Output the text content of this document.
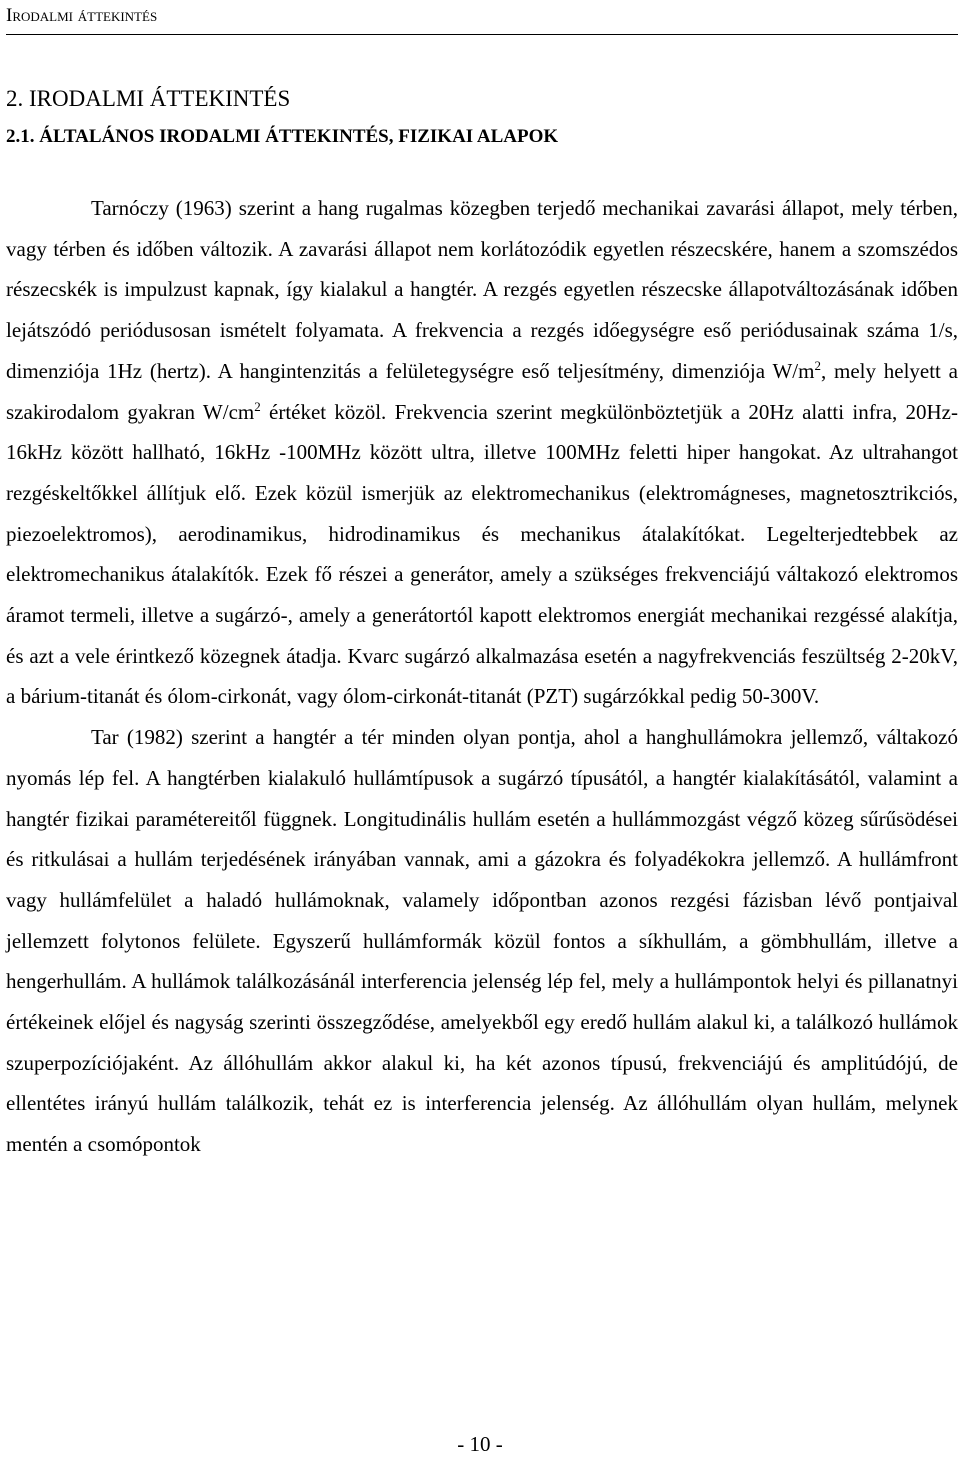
Irodalmi áttekintés
2. IRODALMI ÁTTEKINTÉS
2.1. ÁLTALÁNOS IRODALMI ÁTTEKINTÉS, FIZIKAI ALAPOK

Tarnóczy (1963) szerint a hang rugalmas közegben terjedő mechanikai zavarási állapot, mely térben, vagy térben és időben változik. A zavarási állapot nem korlátozódik egyetlen részecskére, hanem a szomszédos részecskék is impulzust kapnak, így kialakul a hangtér. A rezgés egyetlen részecske állapotváltozásának időben lejátszódó periódusosan ismételt folyamata. A frekvencia a rezgés időegységre eső periódusainak száma 1/s, dimenziója 1Hz (hertz). A hangintenzitás a felületegységre eső teljesítmény, dimenziója $W/m^2$, mely helyett a szakirodalom gyakran $W/cm^2$ értéket közöl. Frekvencia szerint megkülönböztetjük a 20Hz alatti infra, 20Hz-16kHz között hallható, 16kHz -100MHz között ultra, illetve 100MHz feletti hiper hangokat. Az ultrahangot rezgéskeltőkkel állítjuk elő. Ezek közül ismerjük az elektromechanikus (elektromágneses, magnetosztrikciós, piezoelektromos), aerodinamikus, hidrodinamikus és mechanikus átalakítókat. Legelterjedtebbek az elektromechanikus átalakítók. Ezek fő részei a generátor, amely a szükséges frekvenciájú váltakozó elektromos áramot termeli, illetve a sugárzó-, amely a generátortól kapott elektromos energiát mechanikai rezgéssé alakítja, és azt a vele érintkező közegnek átadja. Kvarc sugárzó alkalmazása esetén a nagyfrekvenciás feszültség 2-20kV, a bárium-titanát és ólom-cirkonát, vagy ólom-cirkonát-titanát (PZT) sugárzókkal pedig 50-300V.

Tar (1982) szerint a hangtér a tér minden olyan pontja, ahol a hanghullámokra jellemző, váltakozó nyomás lép fel. A hangtérben kialakuló hullámtípusok a sugárzó típusától, a hangtér kialakításától, valamint a hangtér fizikai paramétereitől függnek. Longitudinális hullám esetén a hullámmozgást végző közeg sűrűsödései és ritkulásai a hullám terjedésének irányában vannak, ami a gázokra és folyadékokra jellemző. A hullámfront vagy hullámfelület a haladó hullámoknak, valamely időpontban azonos rezgési fázisban lévő pontjaival jellemzett folytonos felülete. Egyszerű hullámformák közül fontos a síkhullám, a gömbhullám, illetve a hengerhullám. A hullámok találkozásánál interferencia jelenség lép fel, mely a hullámpontok helyi és pillanatnyi értékeinek előjel és nagyság szerinti összegződése, amelyekből egy eredő hullám alakul ki, a találkozó hullámok szuperpozíciójaként. Az állóhullám akkor alakul ki, ha két azonos típusú, frekvenciájú és amplitúdójú, de ellentétes irányú hullám találkozik, tehát ez is interferencia jelenség. Az állóhullám olyan hullám, melynek mentén a csomópontok

- 10 -
